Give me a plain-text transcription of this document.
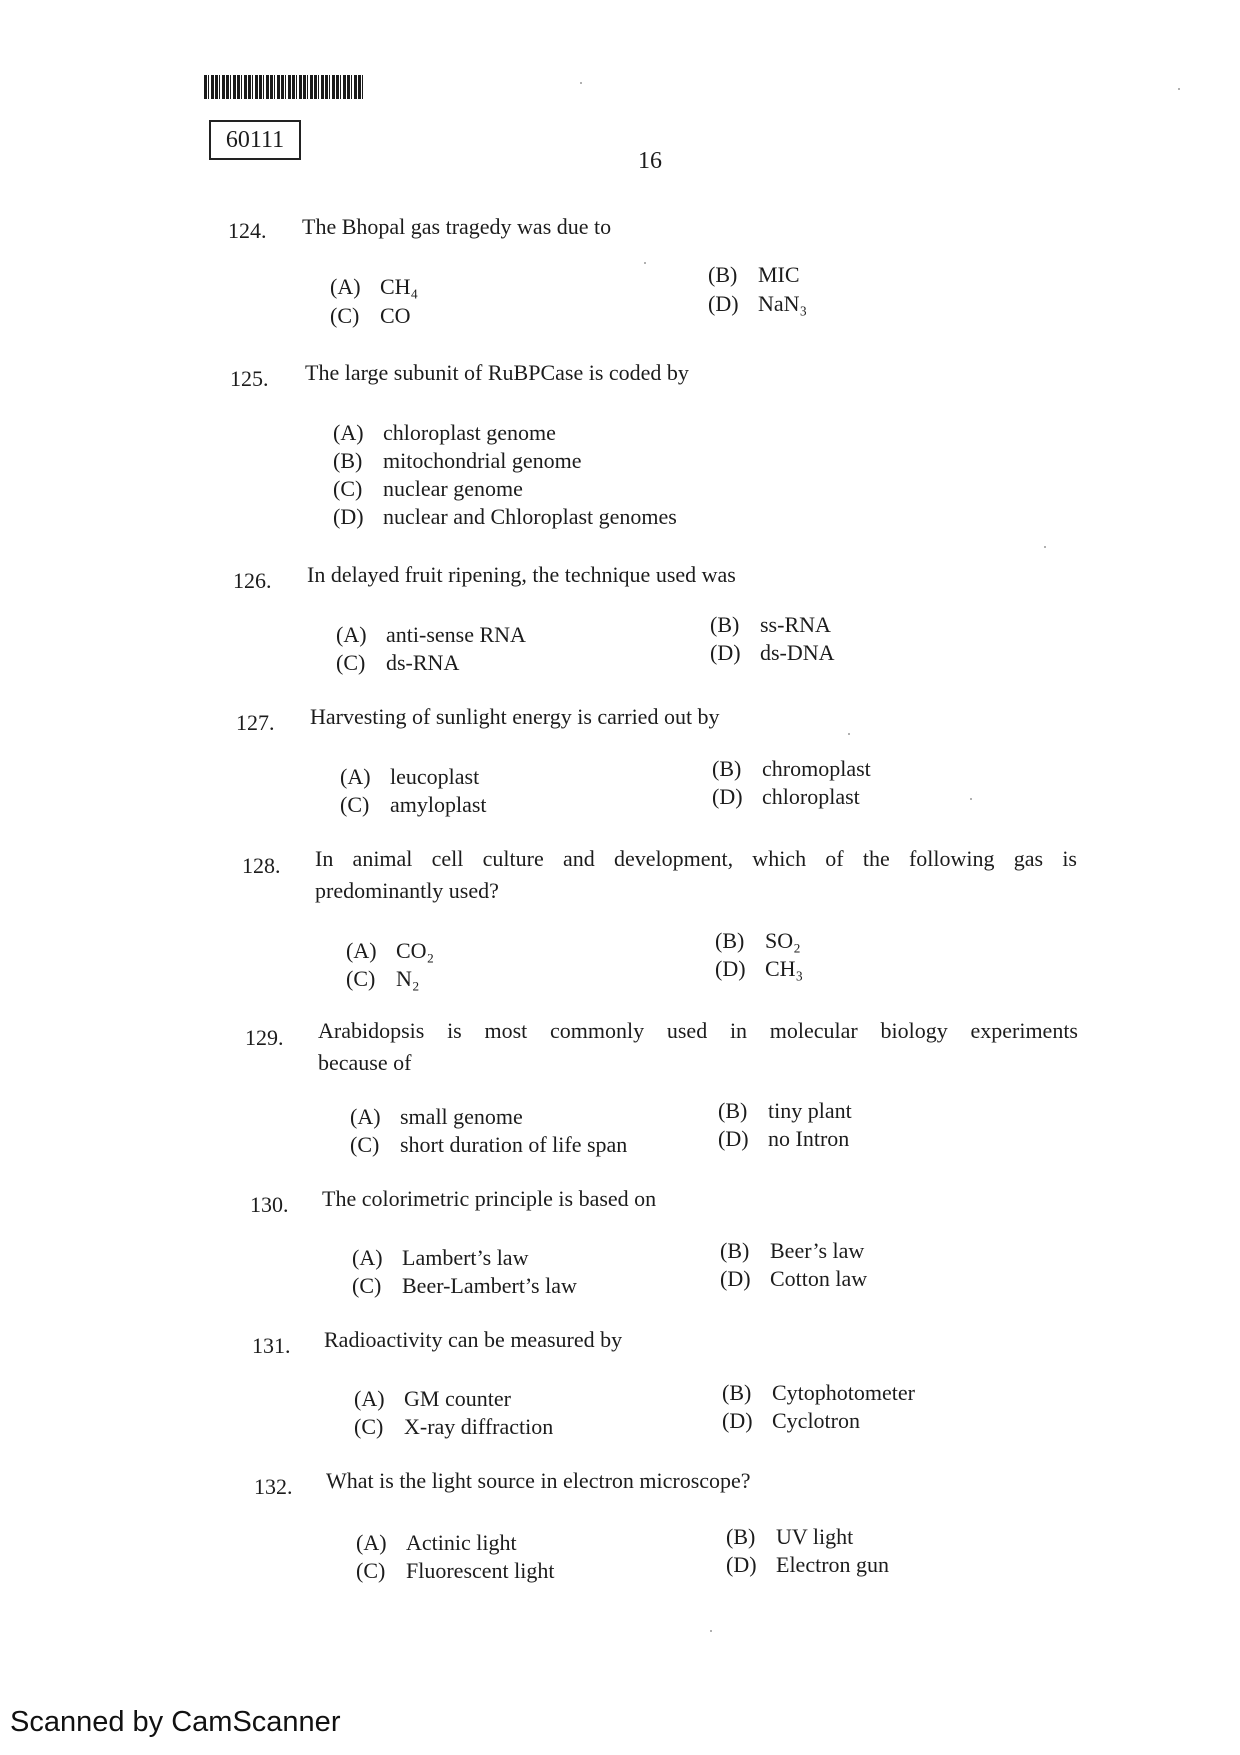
60111
16
124. The Bhopal gas tragedy was due to
(A) CH₄	(B) MIC
(C) CO	(D) NaN₃
125. The large subunit of RuBPCase is coded by
(A) chloroplast genome
(B) mitochondrial genome
(C) nuclear genome
(D) nuclear and Chloroplast genomes
126. In delayed fruit ripening, the technique used was
(A) anti-sense RNA	(B) ss-RNA
(C) ds-RNA	(D) ds-DNA
127. Harvesting of sunlight energy is carried out by
(A) leucoplast	(B) chromoplast
(C) amyloplast	(D) chloroplast
128. In animal cell culture and development, which of the following gas is
predominantly used?
(A) CO₂	(B) SO₂
(C) N₂	(D) CH₃
129. Arabidopsis is most commonly used in molecular biology experiments
because of
(A) small genome	(B) tiny plant
(C) short duration of life span	(D) no Intron
130. The colorimetric principle is based on
(A) Lambert’s law	(B) Beer’s law
(C) Beer-Lambert’s law	(D) Cotton law
131. Radioactivity can be measured by
(A) GM counter	(B) Cytophotometer
(C) X-ray diffraction	(D) Cyclotron
132. What is the light source in electron microscope?
(A) Actinic light	(B) UV light
(C) Fluorescent light	(D) Electron gun
Scanned by CamScanner
